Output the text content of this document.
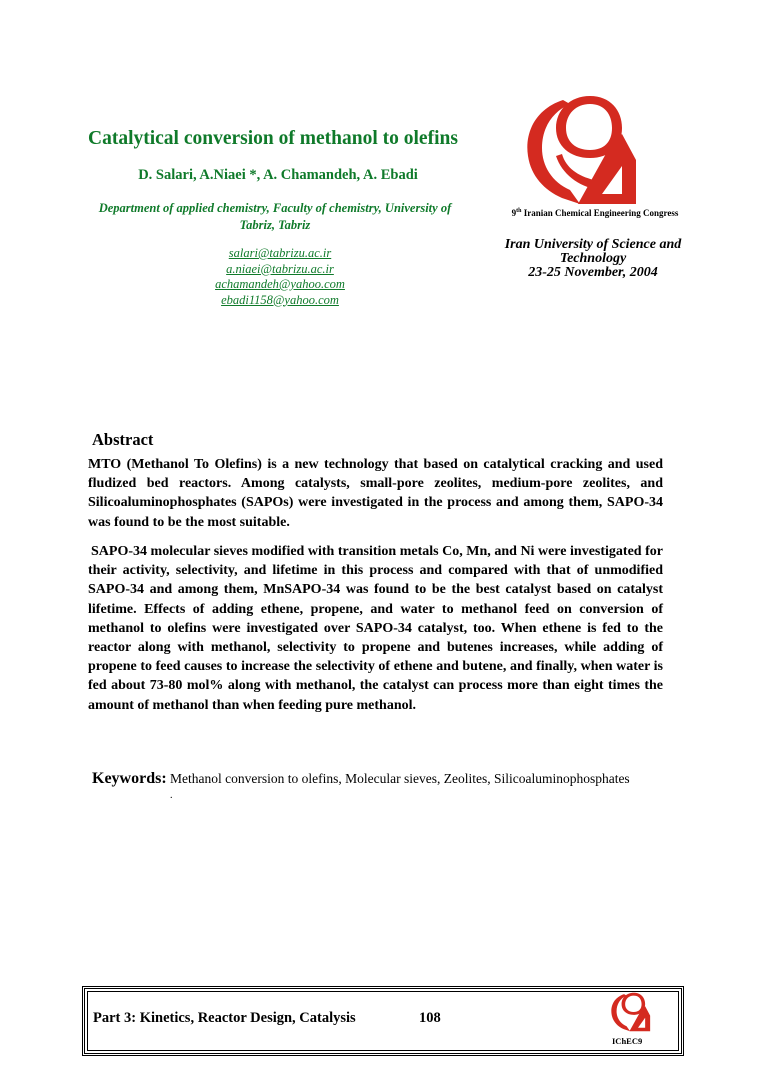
Catalytical conversion of methanol to olefins
D. Salari, A.Niaei *, A. Chamandeh, A. Ebadi
Department of applied chemistry, Faculty of chemistry, University of Tabriz, Tabriz
salari@tabrizu.ac.ir
a.niaei@tabrizu.ac.ir
achamandeh@yahoo.com
ebadi1158@yahoo.com
9th Iranian Chemical Engineering Congress
Iran University of Science and
Technology
23-25 November, 2004
Abstract
MTO (Methanol To Olefins) is a new technology that based on catalytical cracking and used fludized bed reactors. Among catalysts, small-pore zeolites, medium-pore zeolites, and Silicoaluminophosphates (SAPOs) were investigated in the process and among them, SAPO-34 was found to be the most suitable.
SAPO-34 molecular sieves modified with transition metals Co, Mn, and Ni were investigated for their activity, selectivity, and lifetime in this process and compared with that of unmodified SAPO-34 and among them, MnSAPO-34 was found to be the best catalyst based on catalyst lifetime. Effects of adding ethene, propene, and water to methanol feed on conversion of methanol to olefins were investigated over SAPO-34 catalyst, too. When ethene is fed to the reactor along with methanol, selectivity to propene and butenes increases, while adding of propene to feed causes to increase the selectivity of ethene and butene, and finally, when water is fed about 73-80 mol% along with methanol, the catalyst can process more than eight times the amount of methanol than when feeding pure methanol.
Keywords: Methanol conversion to olefins, Molecular sieves, Zeolites, Silicoaluminophosphates
.
Part 3: Kinetics, Reactor Design, Catalysis	108
IChEC9
